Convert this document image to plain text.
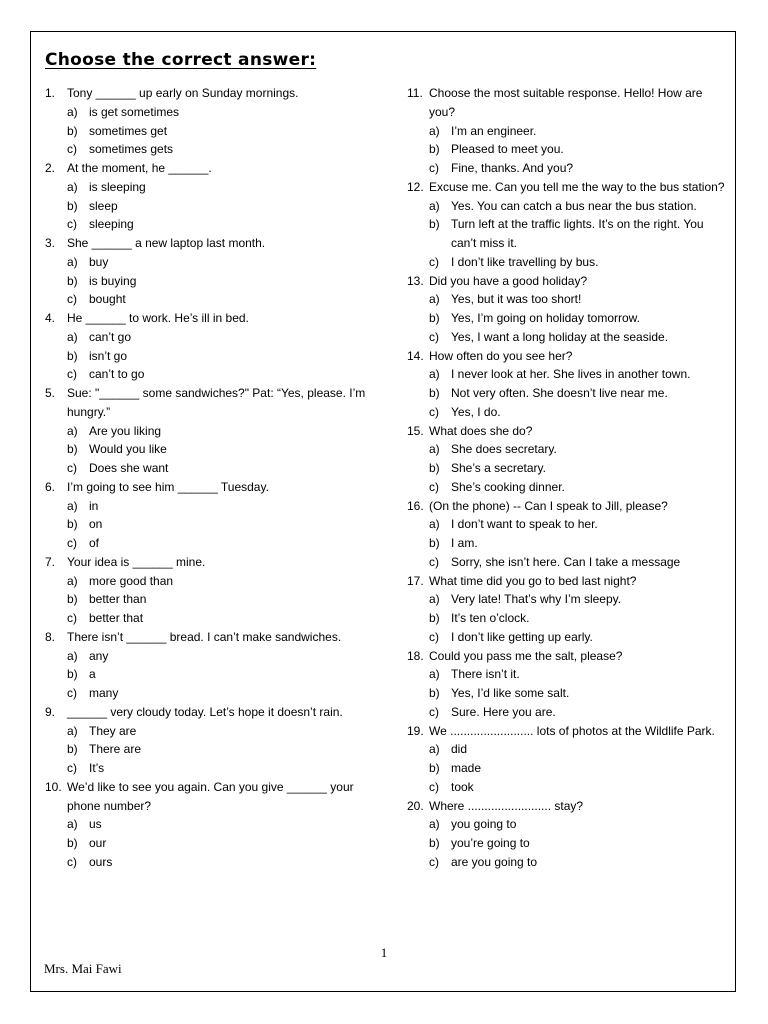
Choose the correct answer:
1. Tony ______ up early on Sunday mornings.
a) is get sometimes
b) sometimes get
c)	sometimes gets
2. At the moment, he ______.
a) is sleeping
b) sleep
c)	sleeping
3. She ______ a new laptop last month.
a) buy
b) is buying
c)	bought
4. He ______ to work. He’s ill in bed.
a) can’t go
b) isn’t go
c)	can’t to go
5. Sue: "______ some sandwiches?" Pat: “Yes, please. I’m hungry.”
a) Are you liking
b) Would you like
c)	Does she want
6. I’m going to see him ______ Tuesday.
a) in
b) on
c)	of
7. Your idea is ______ mine.
a) more good than
b) better than
c)	better that
8. There isn’t ______ bread. I can’t make sandwiches.
a) any
b) a
c)	many
9. ______ very cloudy today. Let’s hope it doesn’t rain.
a) They are
b) There are
c)	It’s
10. We’d like to see you again. Can you give ______ your phone number?
a) us
b) our
c)	ours
11. Choose the most suitable response. Hello! How are you?
a) I’m an engineer.
b) Pleased to meet you.
c)	Fine, thanks. And you?
12. Excuse me. Can you tell me the way to the bus station?
a) Yes. You can catch a bus near the bus station.
b) Turn left at the traffic lights. It’s on the right. You can’t miss it.
c)	I don’t like travelling by bus.
13. Did you have a good holiday?
a) Yes, but it was too short!
b) Yes, I’m going on holiday tomorrow.
c)	Yes, I want a long holiday at the seaside.
14. How often do you see her?
a) I never look at her. She lives in another town.
b) Not very often. She doesn’t live near me.
c)	Yes, I do.
15. What does she do?
a) She does secretary.
b) She’s a secretary.
c)	She’s cooking dinner.
16. (On the phone) -- Can I speak to Jill, please?
a) I don’t want to speak to her.
b) I am.
c)	Sorry, she isn’t here. Can I take a message
17. What time did you go to bed last night?
a) Very late! That’s why I’m sleepy.
b) It’s ten o’clock.
c)	I don’t like getting up early.
18. Could you pass me the salt, please?
a) There isn’t it.
b) Yes, I’d like some salt.
c)	Sure. Here you are.
19. We ......................... lots of photos at the Wildlife Park.
a) did
b) made
c)	took
20. Where ......................... stay?
a) you going to
b) you’re going to
c)	are you going to
1
Mrs. Mai Fawi
